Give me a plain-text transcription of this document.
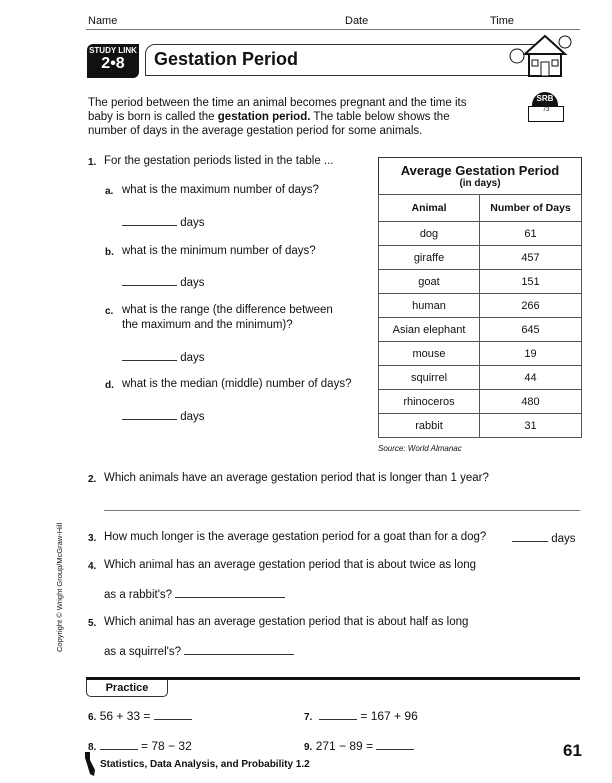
Name	Date	Time
STUDY LINK
2•8	Gestation Period
SRB
73
The period between the time an animal becomes pregnant and the time its baby is born is called the gestation period. The table below shows the number of days in the average gestation period for some animals.
1. For the gestation periods listed in the table ...
a. what is the maximum number of days?
days
b. what is the minimum number of days?
days
c. what is the range (the difference between
the maximum and the minimum)?
days
d. what is the median (middle) number of days?
days
Average Gestation Period
(in days)	

Animal	Number of Days
dog	61
giraffe	457
goat	151
human	266
Asian elephant	645
mouse	19
squirrel	44
rhinoceros	480
rabbit	31
Source: World Almanac
2. Which animals have an average gestation period that is longer than 1 year?
3. How much longer is the average gestation period for a goat than for a dog?	days
4. Which animal has an average gestation period that is about twice as long
as a rabbit's?
5. Which animal has an average gestation period that is about half as long
as a squirrel's?
Copyright © Wright Group/McGraw-Hill
Practice
6. 56 + 33 =	7.	= 167 + 96
8.	= 78 − 32	9. 271 − 89 =	61
Statistics, Data Analysis, and Probability 1.2
